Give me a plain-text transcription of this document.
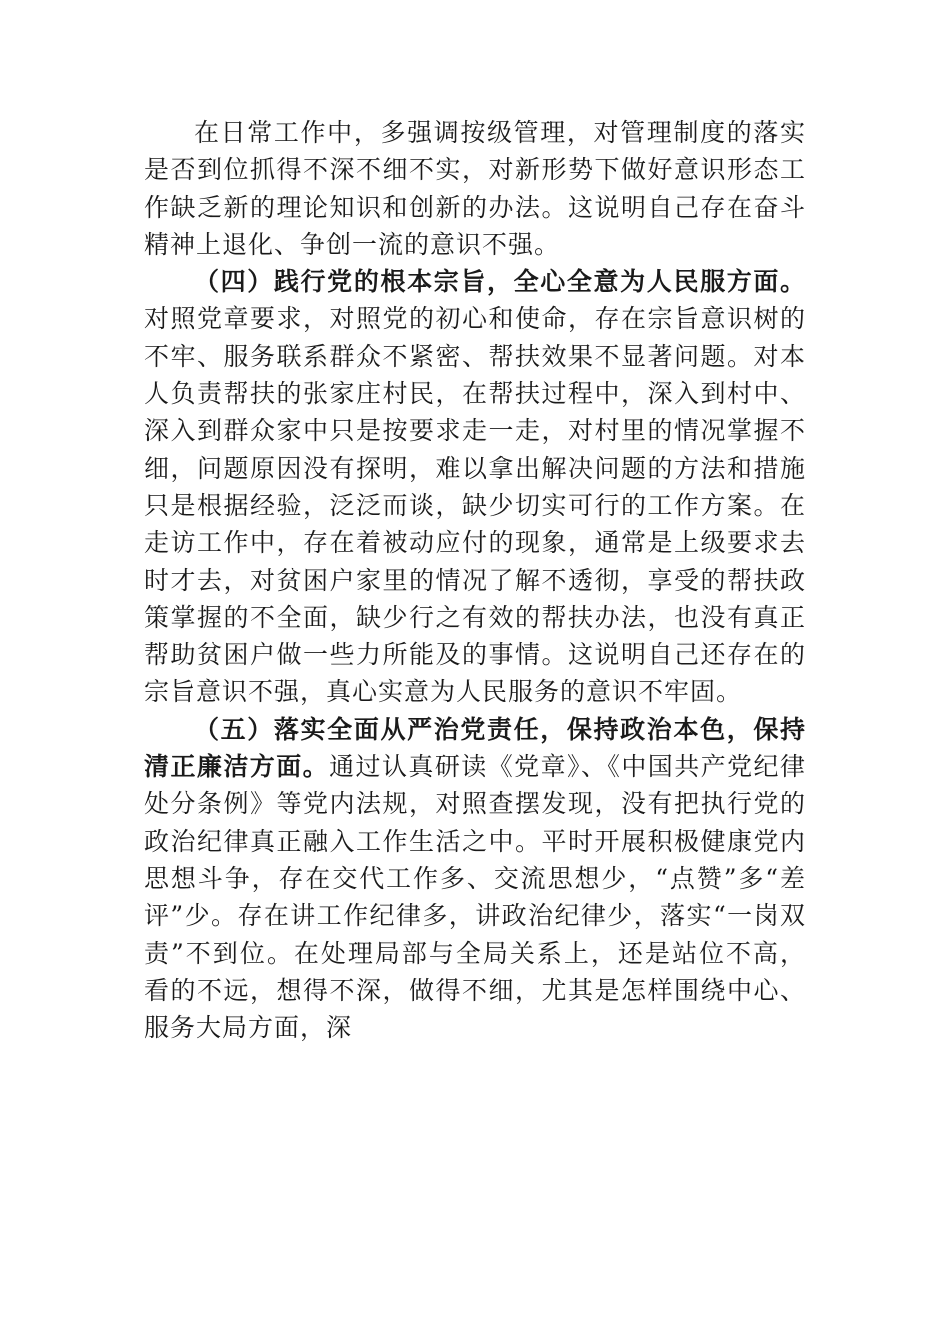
在日常工作中，多强调按级管理，对管理制度的落实是否到位抓得不深不细不实，对新形势下做好意识形态工作缺乏新的理论知识和创新的办法。这说明自己存在奋斗精神上退化、争创一流的意识不强。

（四）践行党的根本宗旨，全心全意为人民服方面。对照党章要求，对照党的初心和使命，存在宗旨意识树的不牢、服务联系群众不紧密、帮扶效果不显著问题。对本人负责帮扶的张家庄村民，在帮扶过程中，深入到村中、深入到群众家中只是按要求走一走，对村里的情况掌握不细，问题原因没有探明，难以拿出解决问题的方法和措施只是根据经验，泛泛而谈，缺少切实可行的工作方案。在走访工作中，存在着被动应付的现象，通常是上级要求去时才去，对贫困户家里的情况了解不透彻，享受的帮扶政策掌握的不全面，缺少行之有效的帮扶办法，也没有真正帮助贫困户做一些力所能及的事情。这说明自己还存在的宗旨意识不强，真心实意为人民服务的意识不牢固。

（五）落实全面从严治党责任，保持政治本色，保持清正廉洁方面。通过认真研读《党章》、《中国共产党纪律处分条例》等党内法规，对照查摆发现，没有把执行党的政治纪律真正融入工作生活之中。平时开展积极健康党内思想斗争，存在交代工作多、交流思想少，“点赞”多“差评”少。存在讲工作纪律多，讲政治纪律少，落实“一岗双责”不到位。在处理局部与全局关系上，还是站位不高，看的不远，想得不深，做得不细，尤其是怎样围绕中心、服务大局方面，深
